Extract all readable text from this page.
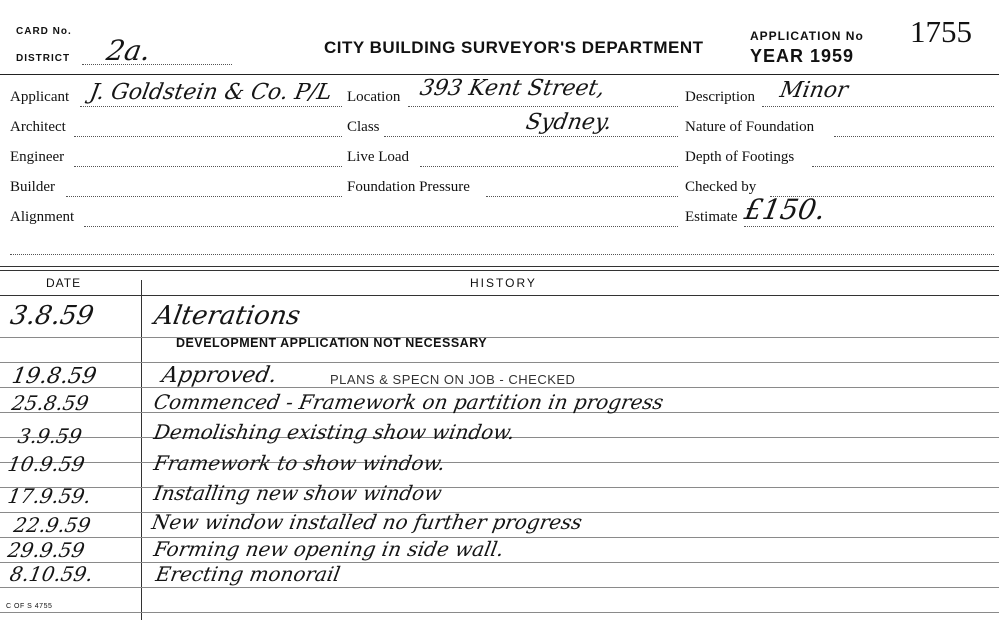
CARD No.
DISTRICT 2a.	CITY BUILDING SURVEYOR'S DEPARTMENT
APPLICATION No
YEAR 1959
1755
Applicant J. Goldstein & Co. P/L
Architect
Engineer
Builder
Alignment
Location 393 Kent Street,
Class	Sydney.
Live Load
Foundation Pressure
Description Minor
Nature of Foundation
Depth of Footings
Checked by
Estimate £150.
DATE	HISTORY
3.8.59 Alterations
DEVELOPMENT APPLICATION NOT NECESSARY
19.8.59	Approved.	PLANS & SPECN ON JOB - CHECKED
25.8.59	Commenced - Framework on partition in progress
3.9.59	Demolishing existing show window.
10.9.59	Framework to show window.
17.9.59.	Installing new show window
22.9.59	New window installed no further progress
29.9.59	Forming new opening in side wall.
8.10.59.	Erecting monorail
C OF S 4755
